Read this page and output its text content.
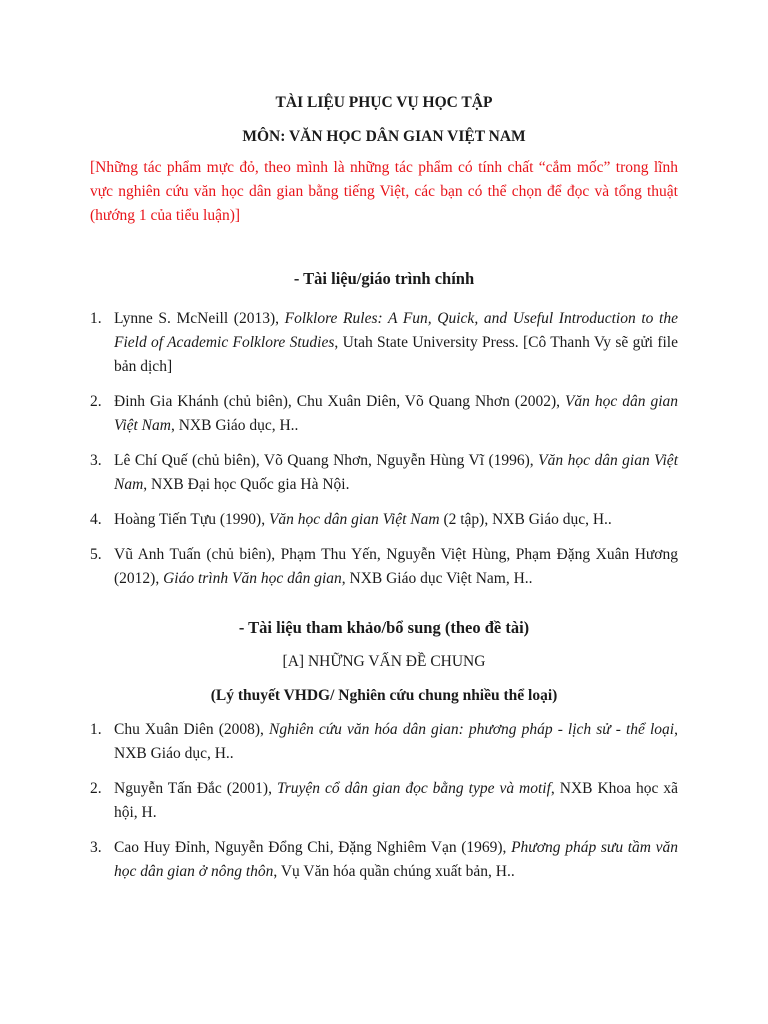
TÀI LIỆU PHỤC VỤ HỌC TẬP

MÔN: VĂN HỌC DÂN GIAN VIỆT NAM

[Những tác phẩm mực đỏ, theo mình là những tác phẩm có tính chất “cắm mốc” trong lĩnh vực nghiên cứu văn học dân gian bằng tiếng Việt, các bạn có thể chọn để đọc và tổng thuật (hướng 1 của tiểu luận)]

- Tài liệu/giáo trình chính

1. Lynne S. McNeill (2013), Folklore Rules: A Fun, Quick, and Useful Introduction to the Field of Academic Folklore Studies, Utah State University Press. [Cô Thanh Vy sẽ gửi file bản dịch]
2. Đinh Gia Khánh (chủ biên), Chu Xuân Diên, Võ Quang Nhơn (2002), Văn học dân gian Việt Nam, NXB Giáo dục, H..
3. Lê Chí Quế (chủ biên), Võ Quang Nhơn, Nguyễn Hùng Vĩ (1996), Văn học dân gian Việt Nam, NXB Đại học Quốc gia Hà Nội.
4. Hoàng Tiến Tựu (1990), Văn học dân gian Việt Nam (2 tập), NXB Giáo dục, H..
5. Vũ Anh Tuấn (chủ biên), Phạm Thu Yến, Nguyễn Việt Hùng, Phạm Đặng Xuân Hương (2012), Giáo trình Văn học dân gian, NXB Giáo dục Việt Nam, H..

- Tài liệu tham khảo/bổ sung (theo đề tài)

[A] NHỮNG VẤN ĐỀ CHUNG

(Lý thuyết VHDG/ Nghiên cứu chung nhiều thể loại)

1. Chu Xuân Diên (2008), Nghiên cứu văn hóa dân gian: phương pháp - lịch sử - thể loại, NXB Giáo dục, H..
2. Nguyễn Tấn Đắc (2001), Truyện cổ dân gian đọc bằng type và motif, NXB Khoa học xã hội, H.
3. Cao Huy Đỉnh, Nguyễn Đổng Chi, Đặng Nghiêm Vạn (1969), Phương pháp sưu tầm văn học dân gian ở nông thôn, Vụ Văn hóa quần chúng xuất bản, H..
